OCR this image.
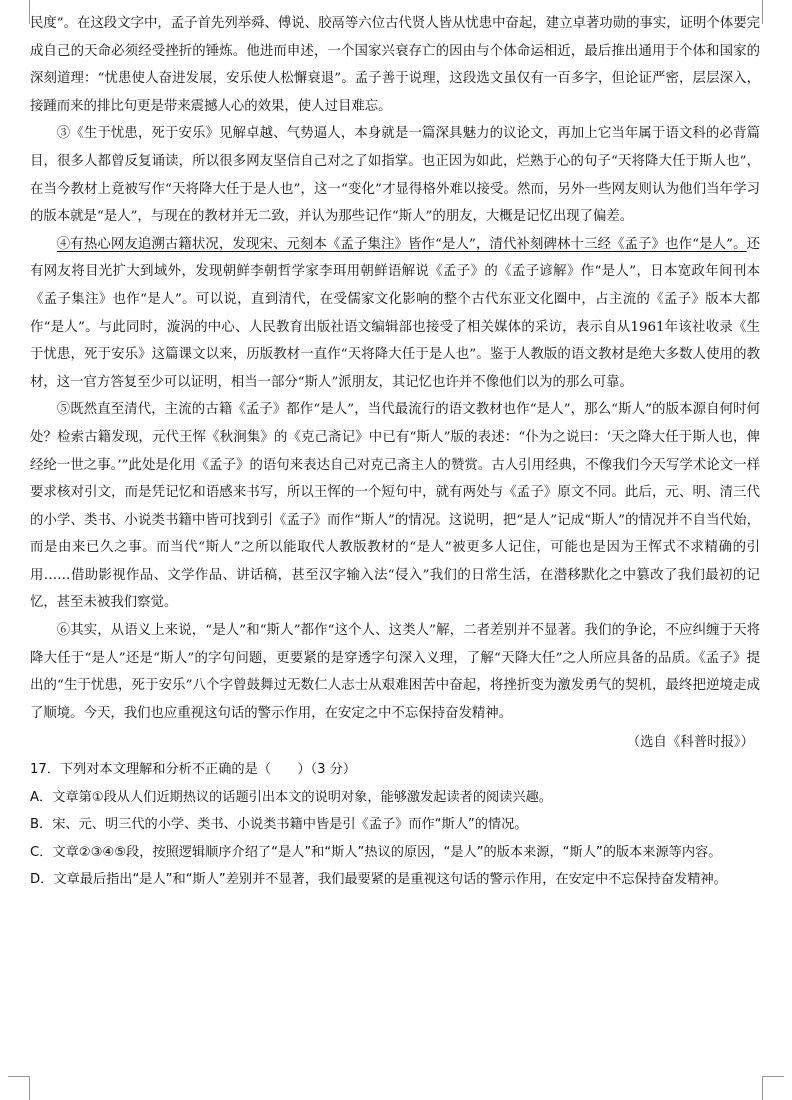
民度”。在这段文字中，孟子首先列举舜、傅说、胶鬲等六位古代贤人皆从忧患中奋起，建立卓著功勋的事实，证明个体要完成自己的天命必须经受挫折的锤炼。他进而申述，一个国家兴衰存亡的因由与个体命运相近，最后推出通用于个体和国家的深刻道理：“忧患使人奋进发展，安乐使人松懈衰退”。孟子善于说理，这段选文虽仅有一百多字，但论证严密，层层深入，接踵而来的排比句更是带来震撼人心的效果，使人过目难忘。

③《生于忧患，死于安乐》见解卓越、气势逼人，本身就是一篇深具魅力的议论文，再加上它当年属于语文科的必背篇目，很多人都曾反复诵读，所以很多网友坚信自己对之了如指掌。也正因为如此，烂熟于心的句子“天将降大任于斯人也”，在当今教材上竟被写作“天将降大任于是人也”，这一“变化”才显得格外难以接受。然而，另外一些网友则认为他们当年学习的版本就是“是人”，与现在的教材并无二致，并认为那些记作“斯人”的朋友，大概是记忆出现了偏差。

④有热心网友追溯古籍状况，发现宋、元刻本《孟子集注》皆作“是人”，清代补刻碑林十三经《孟子》也作“是人”。还有网友将目光扩大到域外，发现朝鲜李朝哲学家李珥用朝鲜语解说《孟子》的《孟子谚解》作“是人”，日本宽政年间刊本《孟子集注》也作“是人”。可以说，直到清代，在受儒家文化影响的整个古代东亚文化圈中，占主流的《孟子》版本大都作“是人”。与此同时，漩涡的中心、人民教育出版社语文编辑部也接受了相关媒体的采访，表示自从1961年该社收录《生于忧患，死于安乐》这篇课文以来，历版教材一直作“天将降大任于是人也”。鉴于人教版的语文教材是绝大多数人使用的教材，这一官方答复至少可以证明，相当一部分“斯人”派朋友，其记忆也许并不像他们以为的那么可靠。

⑤既然直至清代，主流的古籍《孟子》都作“是人”，当代最流行的语文教材也作“是人”，那么“斯人”的版本源自何时何处？检索古籍发现，元代王恽《秋涧集》的《克己斋记》中已有“斯人”版的表述：“仆为之说曰：‘天之降大任于斯人也，俾经纶一世之事。’”此处是化用《孟子》的语句来表达自己对克己斋主人的赞赏。古人引用经典，不像我们今天写学术论文一样要求核对引文，而是凭记忆和语感来书写，所以王恽的一个短句中，就有两处与《孟子》原文不同。此后，元、明、清三代的小学、类书、小说类书籍中皆可找到引《孟子》而作“斯人”的情况。这说明，把“是人”记成“斯人”的情况并不自当代始，而是由来已久之事。而当代“斯人”之所以能取代人教版教材的“是人”被更多人记住，可能也是因为王恽式不求精确的引用……借助影视作品、文学作品、讲话稿，甚至汉字输入法“侵入”我们的日常生活，在潜移默化之中篡改了我们最初的记忆，甚至未被我们察觉。

⑥其实，从语义上来说，“是人”和“斯人”都作“这个人、这类人”解，二者差别并不显著。我们的争论，不应纠缠于天将降大任于“是人”还是“斯人”的字句问题，更要紧的是穿透字句深入义理，了解“天降大任”之人所应具备的品质。《孟子》提出的“生于忧患，死于安乐”八个字曾鼓舞过无数仁人志士从艰难困苦中奋起，将挫折变为激发勇气的契机，最终把逆境走成了顺境。今天，我们也应重视这句话的警示作用，在安定之中不忘保持奋发精神。

（选自《科普时报》）

17．下列对本文理解和分析不正确的是（　　）（3 分）

A．文章第①段从人们近期热议的话题引出本文的说明对象，能够激发起读者的阅读兴趣。

B．宋、元、明三代的小学、类书、小说类书籍中皆是引《孟子》而作“斯人”的情况。

C．文章②③④⑤段，按照逻辑顺序介绍了“是人”和“斯人”热议的原因，“是人”的版本来源，“斯人”的版本来源等内容。

D．文章最后指出“是人”和“斯人”差别并不显著，我们最要紧的是重视这句话的警示作用，在安定中不忘保持奋发精神。
